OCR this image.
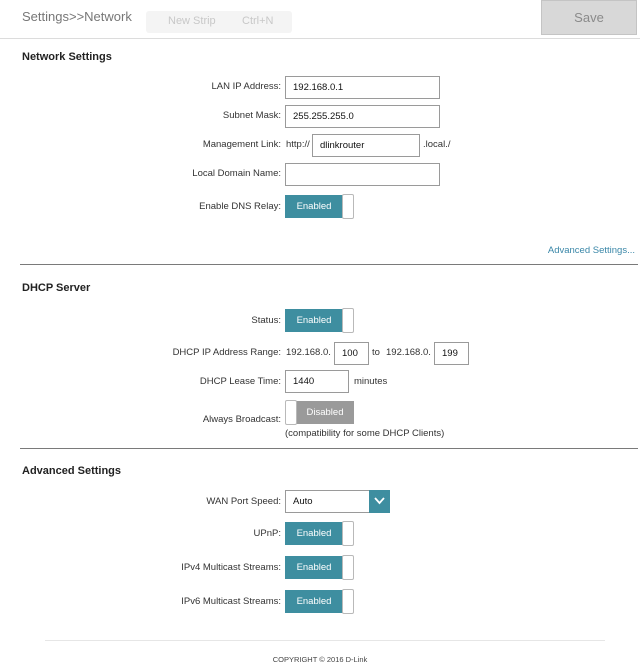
Settings>>Network	New Strip Ctrl+N	Save
Network Settings
LAN IP Address:	192.168.0.1
Subnet Mask:	255.255.255.0
Management Link: http://	dlinkrouter	.local./
Local Domain Name:
Enable DNS Relay:	Enabled
Advanced Settings...
DHCP Server
Status:	Enabled
DHCP IP Address Range: 192.168.0.	100	to 192.168.0.	199
DHCP Lease Time:	1440	minutes
Always Broadcast:
Disabled
(compatibility for some DHCP Clients)
Advanced Settings
WAN Port Speed:	Auto
UPnP:	Enabled
IPv4 Multicast Streams:	Enabled
IPv6 Multicast Streams:	Enabled
COPYRIGHT © 2016 D-Link
